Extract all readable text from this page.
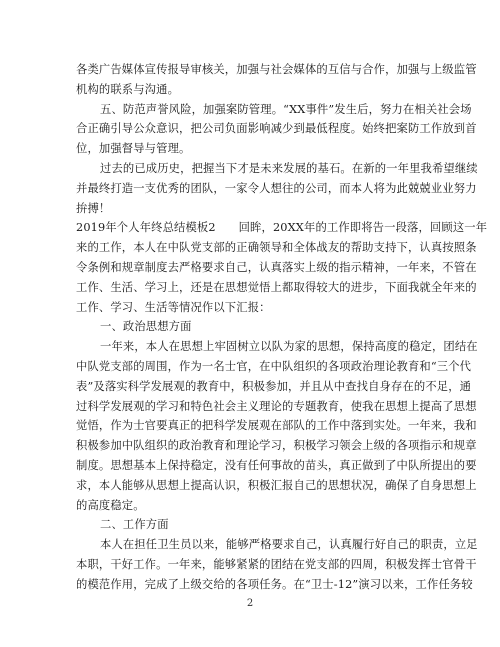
各类广告媒体宣传报导审核关，加强与社会媒体的互信与合作，加强与上级监管
机构的联系与沟通。
五、防范声誉风险，加强案防管理。“XX事件”发生后，努力在相关社会场
合正确引导公众意识，把公司负面影响减少到最低程度。始终把案防工作放到首
位，加强督导与管理。
过去的已成历史，把握当下才是未来发展的基石。在新的一年里我希望继续
并最终打造一支优秀的团队，一家令人想往的公司，而本人将为此兢兢业业努力
拚搏！
2019年个人年终总结模板2　　回眸，20XX年的工作即将告一段落，回顾这一年
来的工作，本人在中队党支部的正确领导和全体战友的帮助支持下，认真按照条
令条例和规章制度去严格要求自己，认真落实上级的指示精神，一年来，不管在
工作、生活、学习上，还是在思想觉悟上都取得较大的进步，下面我就全年来的
工作、学习、生活等情况作以下汇报：
一、政治思想方面
一年来，本人在思想上牢固树立以队为家的思想，保持高度的稳定，团结在
中队党支部的周围，作为一名士官，在中队组织的各项政治理论教育和“三个代
表”及落实科学发展观的教育中，积极参加，并且从中查找自身存在的不足，通
过科学发展观的学习和特色社会主义理论的专题教育，使我在思想上提高了思想
觉悟，作为士官要真正的把科学发展观在部队的工作中落到实处。一年来，我和
积极参加中队组织的政治教育和理论学习，积极学习领会上级的各项指示和规章
制度。思想基本上保持稳定，没有任何事故的苗头，真正做到了中队所提出的要
求，本人能够从思想上提高认识，积极汇报自己的思想状况，确保了自身思想上
的高度稳定。
二、工作方面
本人在担任卫生员以来，能够严格要求自己，认真履行好自己的职责，立足
本职，干好工作。一年来，能够紧紧的团结在党支部的四周，积极发挥士官骨干
的模范作用，完成了上级交给的各项任务。在“卫士-12”演习以来，工作任务较
2
